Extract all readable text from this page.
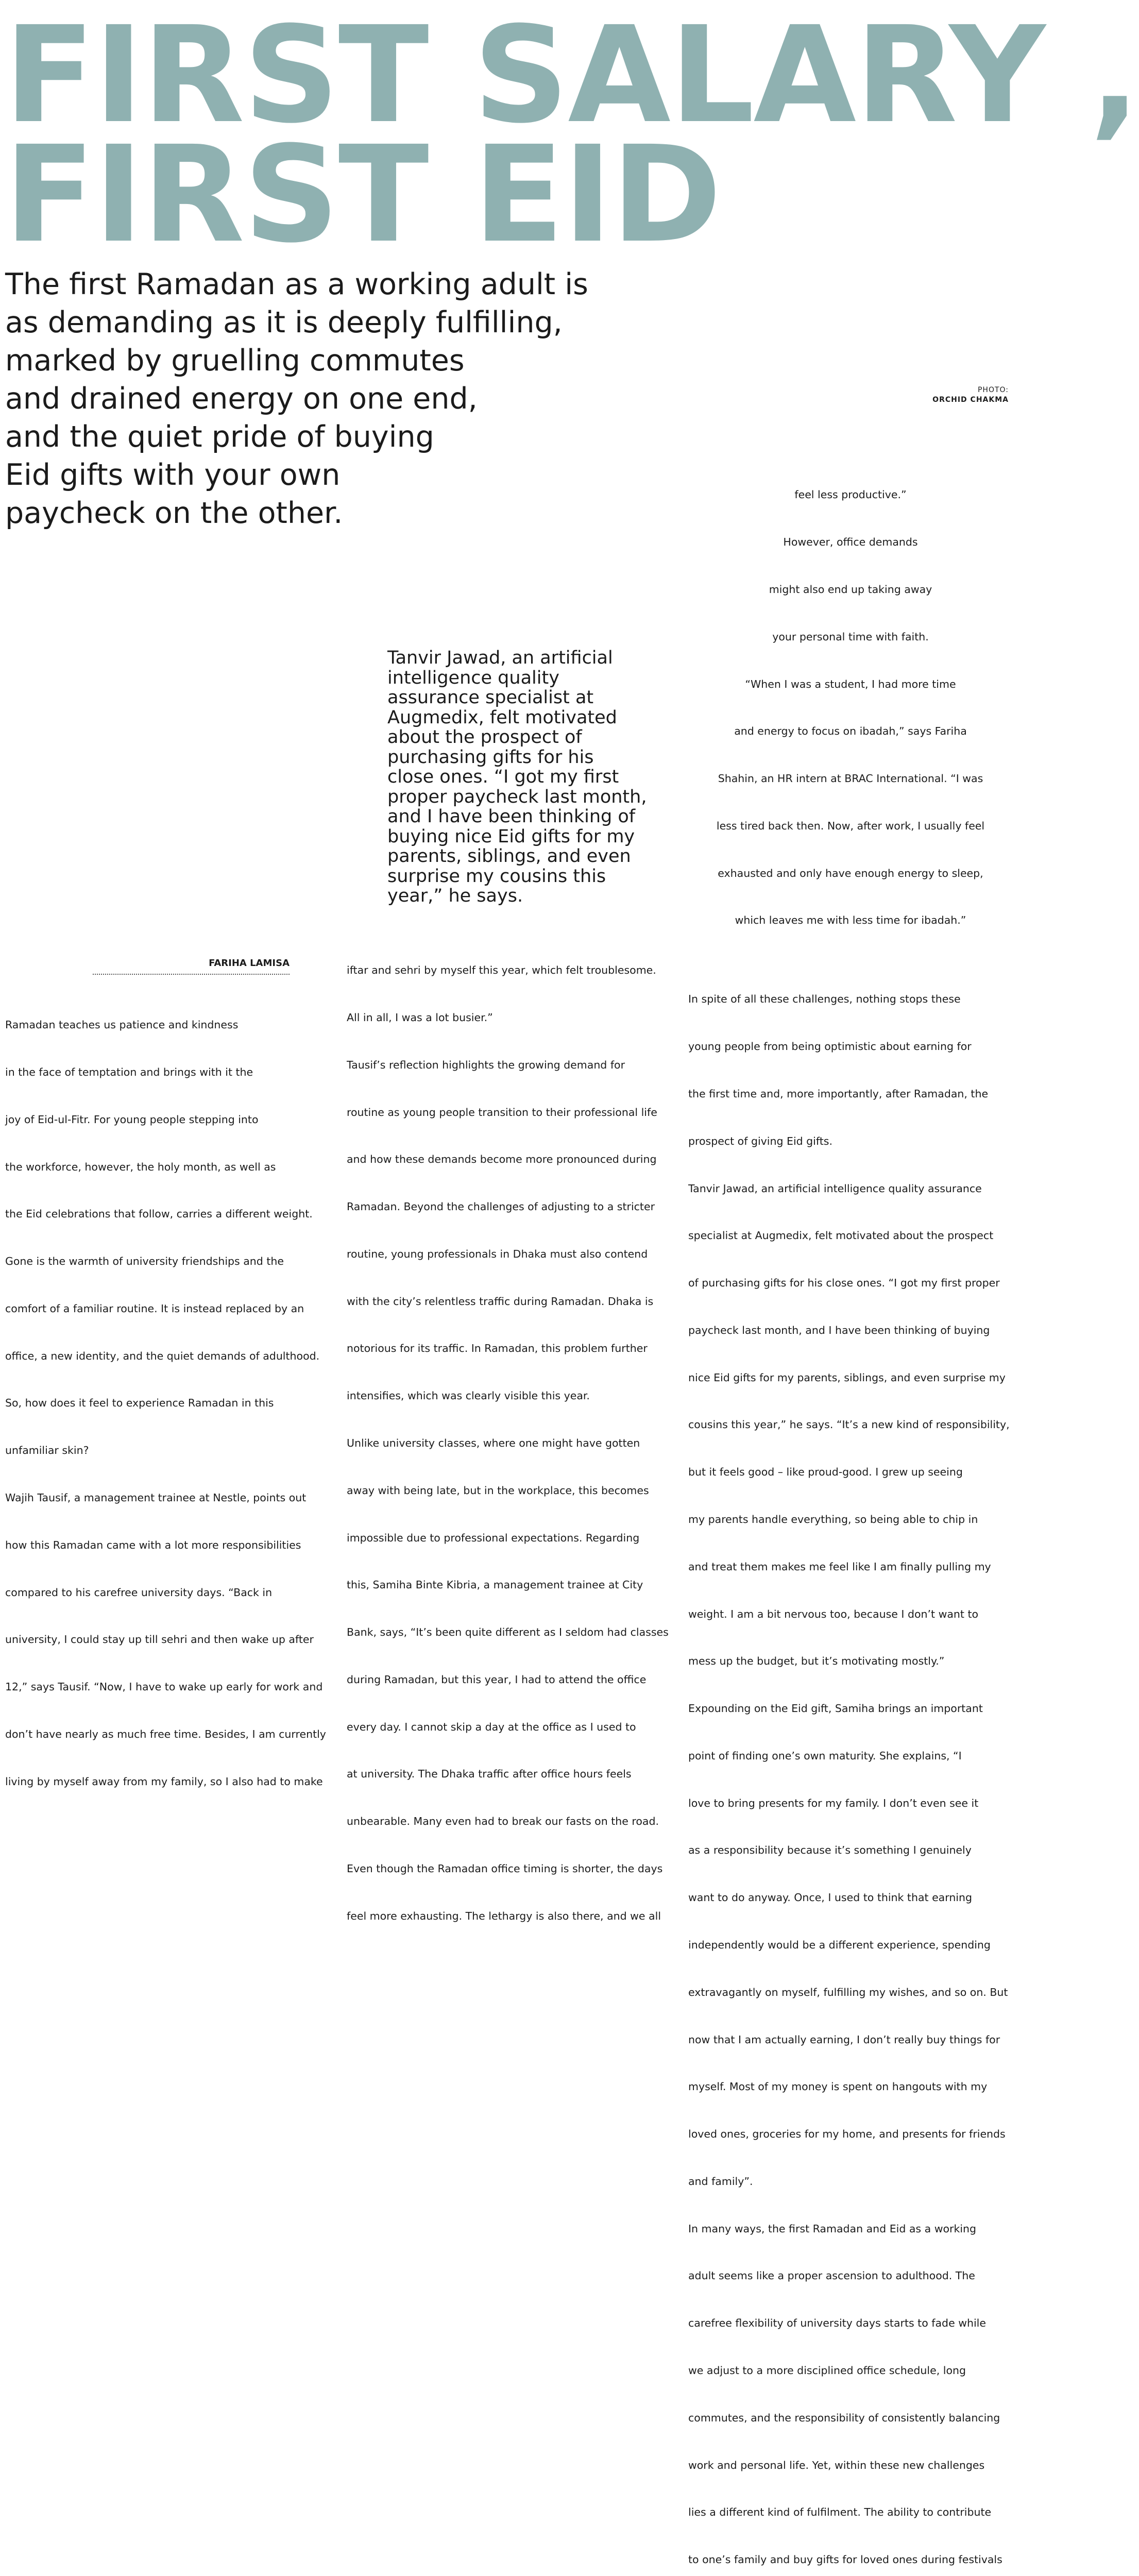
FIRST SALARY ,
FIRST EID

The first Ramadan as a working adult is
as demanding as it is deeply fulfilling,
marked by gruelling commutes
and drained energy on one end,
and the quiet pride of buying
Eid gifts with your own
paycheck on the other.

PHOTO:
ORCHID CHAKMA

Tanvir Jawad, an artificial
intelligence quality
assurance specialist at
Augmedix, felt motivated
about the prospect of
purchasing gifts for his
close ones. “I got my first
proper paycheck last month,
and I have been thinking of
buying nice Eid gifts for my
parents, siblings, and even
surprise my cousins this
year,” he says.

FARIHA LAMISA

Ramadan teaches us patience and kindness

in the face of temptation and brings with it the

joy of Eid-ul-Fitr. For young people stepping into

the workforce, however, the holy month, as well as

the Eid celebrations that follow, carries a different weight.

Gone is the warmth of university friendships and the

comfort of a familiar routine. It is instead replaced by an

office, a new identity, and the quiet demands of adulthood.

So, how does it feel to experience Ramadan in this

unfamiliar skin?

Wajih Tausif, a management trainee at Nestle, points out

how this Ramadan came with a lot more responsibilities

compared to his carefree university days. “Back in

university, I could stay up till sehri and then wake up after

12,” says Tausif. “Now, I have to wake up early for work and

don’t have nearly as much free time. Besides, I am currently

living by myself away from my family, so I also had to make

iftar and sehri by myself this year, which felt troublesome.

All in all, I was a lot busier.”

Tausif’s reflection highlights the growing demand for

routine as young people transition to their professional life

and how these demands become more pronounced during

Ramadan. Beyond the challenges of adjusting to a stricter

routine, young professionals in Dhaka must also contend

with the city’s relentless traffic during Ramadan. Dhaka is

notorious for its traffic. In Ramadan, this problem further

intensifies, which was clearly visible this year.

Unlike university classes, where one might have gotten

away with being late, but in the workplace, this becomes

impossible due to professional expectations. Regarding

this, Samiha Binte Kibria, a management trainee at City

Bank, says, “It’s been quite different as I seldom had classes

during Ramadan, but this year, I had to attend the office

every day. I cannot skip a day at the office as I used to

at university. The Dhaka traffic after office hours feels

unbearable. Many even had to break our fasts on the road.

Even though the Ramadan office timing is shorter, the days

feel more exhausting. The lethargy is also there, and we all

feel less productive.”

However, office demands

might also end up taking away

your personal time with faith.

“When I was a student, I had more time

and energy to focus on ibadah,” says Fariha

Shahin, an HR intern at BRAC International. “I was

less tired back then. Now, after work, I usually feel

exhausted and only have enough energy to sleep,

which leaves me with less time for ibadah.”

In spite of all these challenges, nothing stops these

young people from being optimistic about earning for

the first time and, more importantly, after Ramadan, the

prospect of giving Eid gifts.

Tanvir Jawad, an artificial intelligence quality assurance

specialist at Augmedix, felt motivated about the prospect

of purchasing gifts for his close ones. “I got my first proper

paycheck last month, and I have been thinking of buying

nice Eid gifts for my parents, siblings, and even surprise my

cousins this year,” he says. “It’s a new kind of responsibility,

but it feels good – like proud-good. I grew up seeing

my parents handle everything, so being able to chip in

and treat them makes me feel like I am finally pulling my

weight. I am a bit nervous too, because I don’t want to

mess up the budget, but it’s motivating mostly.”

Expounding on the Eid gift, Samiha brings an important

point of finding one’s own maturity. She explains, “I

love to bring presents for my family. I don’t even see it

as a responsibility because it’s something I genuinely

want to do anyway. Once, I used to think that earning

independently would be a different experience, spending

extravagantly on myself, fulfilling my wishes, and so on. But

now that I am actually earning, I don’t really buy things for

myself. Most of my money is spent on hangouts with my

loved ones, groceries for my home, and presents for friends

and family”.

In many ways, the first Ramadan and Eid as a working

adult seems like a proper ascension to adulthood. The

carefree flexibility of university days starts to fade while

we adjust to a more disciplined office schedule, long

commutes, and the responsibility of consistently balancing

work and personal life. Yet, within these new challenges

lies a different kind of fulfilment. The ability to contribute

to one’s family and buy gifts for loved ones during festivals
